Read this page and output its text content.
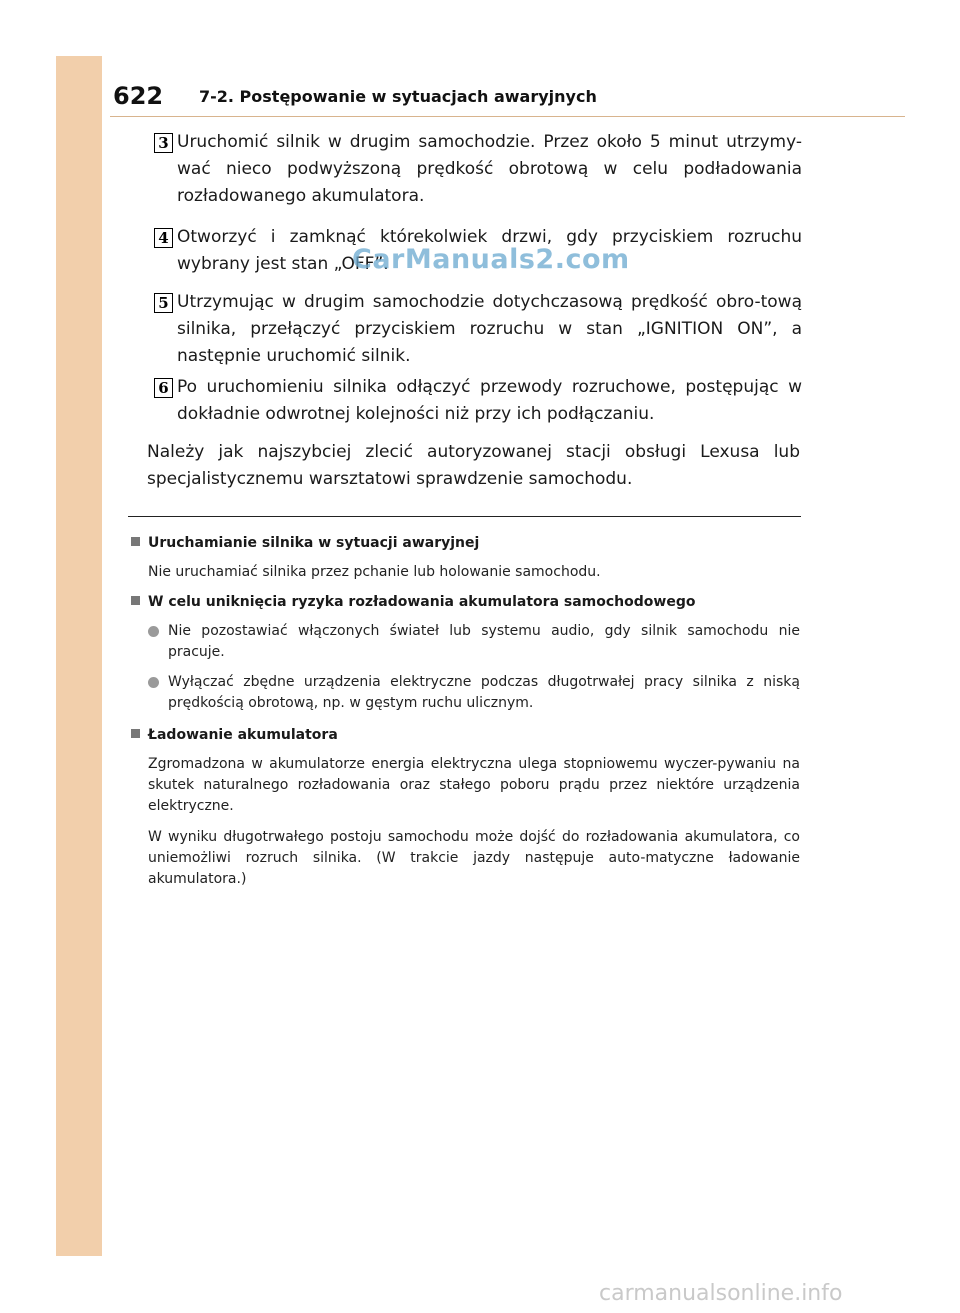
622 7-2. Postępowanie w sytuacjach awaryjnych
3 Uruchomić silnik w drugim samochodzie. Przez około 5 minut utrzymy-wać nieco podwyższoną prędkość obrotową w celu podładowania rozładowanego akumulatora.
4 Otworzyć i zamknąć którekolwiek drzwi, gdy przyciskiem rozruchu wybrany jest stan „OFF”.
5 Utrzymując w drugim samochodzie dotychczasową prędkość obro-tową silnika, przełączyć przyciskiem rozruchu w stan „IGNITION ON”, a następnie uruchomić silnik.
6 Po uruchomieniu silnika odłączyć przewody rozruchowe, postępując w dokładnie odwrotnej kolejności niż przy ich podłączaniu.
Należy jak najszybciej zlecić autoryzowanej stacji obsługi Lexusa lub specjalistycznemu warsztatowi sprawdzenie samochodu.
Uruchamianie silnika w sytuacji awaryjnej
Nie uruchamiać silnika przez pchanie lub holowanie samochodu.
W celu uniknięcia ryzyka rozładowania akumulatora samochodowego
Nie pozostawiać włączonych świateł lub systemu audio, gdy silnik samochodu nie pracuje.
Wyłączać zbędne urządzenia elektryczne podczas długotrwałej pracy silnika z niską prędkością obrotową, np. w gęstym ruchu ulicznym.
Ładowanie akumulatora
Zgromadzona w akumulatorze energia elektryczna ulega stopniowemu wyczer-pywaniu na skutek naturalnego rozładowania oraz stałego poboru prądu przez niektóre urządzenia elektryczne.
W wyniku długotrwałego postoju samochodu może dojść do rozładowania akumulatora, co uniemożliwi rozruch silnika. (W trakcie jazdy następuje auto-matyczne ładowanie akumulatora.)
CarManuals2.com
carmanualsonline.info
